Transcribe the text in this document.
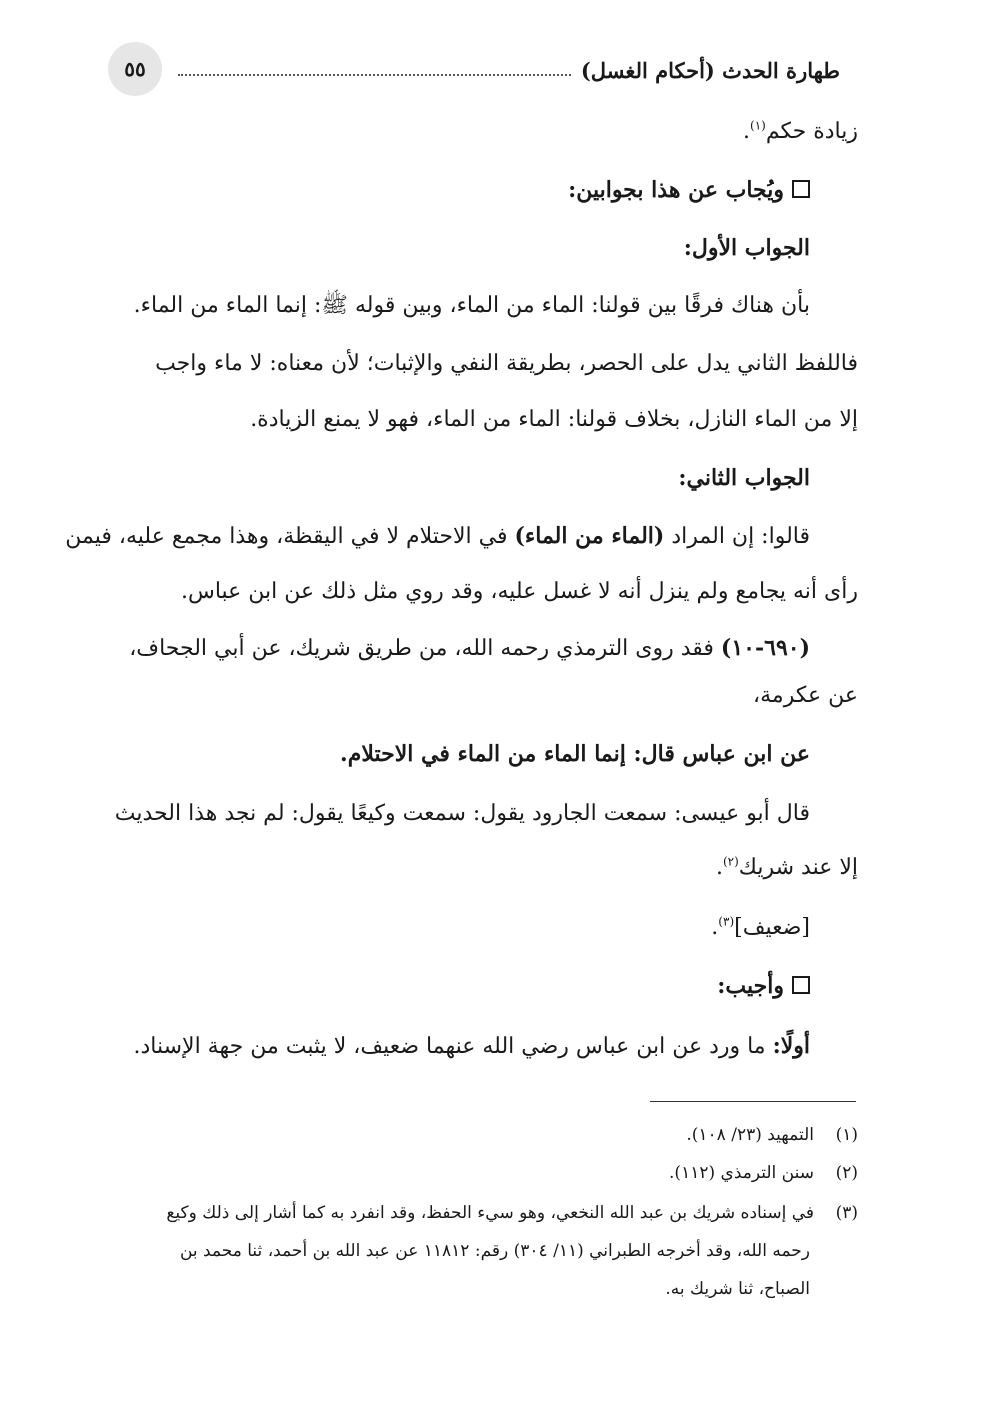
٥٥	طهارة الحدث (أحكام الغسل)
زيادة حكم$^{(١)}$.
ويُجاب عن هذا بجوابين:
الجواب الأول:
بأن هناك فرقًا بين قولنا: الماء من الماء، وبين قوله ﷺ: إنما الماء من الماء.
فاللفظ الثاني يدل على الحصر، بطريقة النفي والإثبات؛ لأن معناه: لا ماء واجب
إلا من الماء النازل، بخلاف قولنا: الماء من الماء، فهو لا يمنع الزيادة.
الجواب الثاني:
قالوا: إن المراد (الماء من الماء) في الاحتلام لا في اليقظة، وهذا مجمع عليه، فيمن
رأى أنه يجامع ولم ينزل أنه لا غسل عليه، وقد روي مثل ذلك عن ابن عباس.
(٦٩٠-١٠) فقد روى الترمذي رحمه الله، من طريق شريك، عن أبي الجحاف،
عن عكرمة،
عن ابن عباس قال: إنما الماء من الماء في الاحتلام.
قال أبو عيسى: سمعت الجارود يقول: سمعت وكيعًا يقول: لم نجد هذا الحديث
إلا عند شريك$^{(٢)}$.
[ضعيف]$^{(٣)}$.
وأجيب:
أولًا: ما ورد عن ابن عباس رضي الله عنهما ضعيف، لا يثبت من جهة الإسناد.
(١)التمهيد (٢٣/ ١٠٨).
(٢)سنن الترمذي (١١٢).
(٣)في إسناده شريك بن عبد الله النخعي، وهو سيء الحفظ، وقد انفرد به كما أشار إلى ذلك وكيع
رحمه الله، وقد أخرجه الطبراني (١١/ ٣٠٤) رقم: ١١٨١٢ عن عبد الله بن أحمد، ثنا محمد بن
الصباح، ثنا شريك به.
